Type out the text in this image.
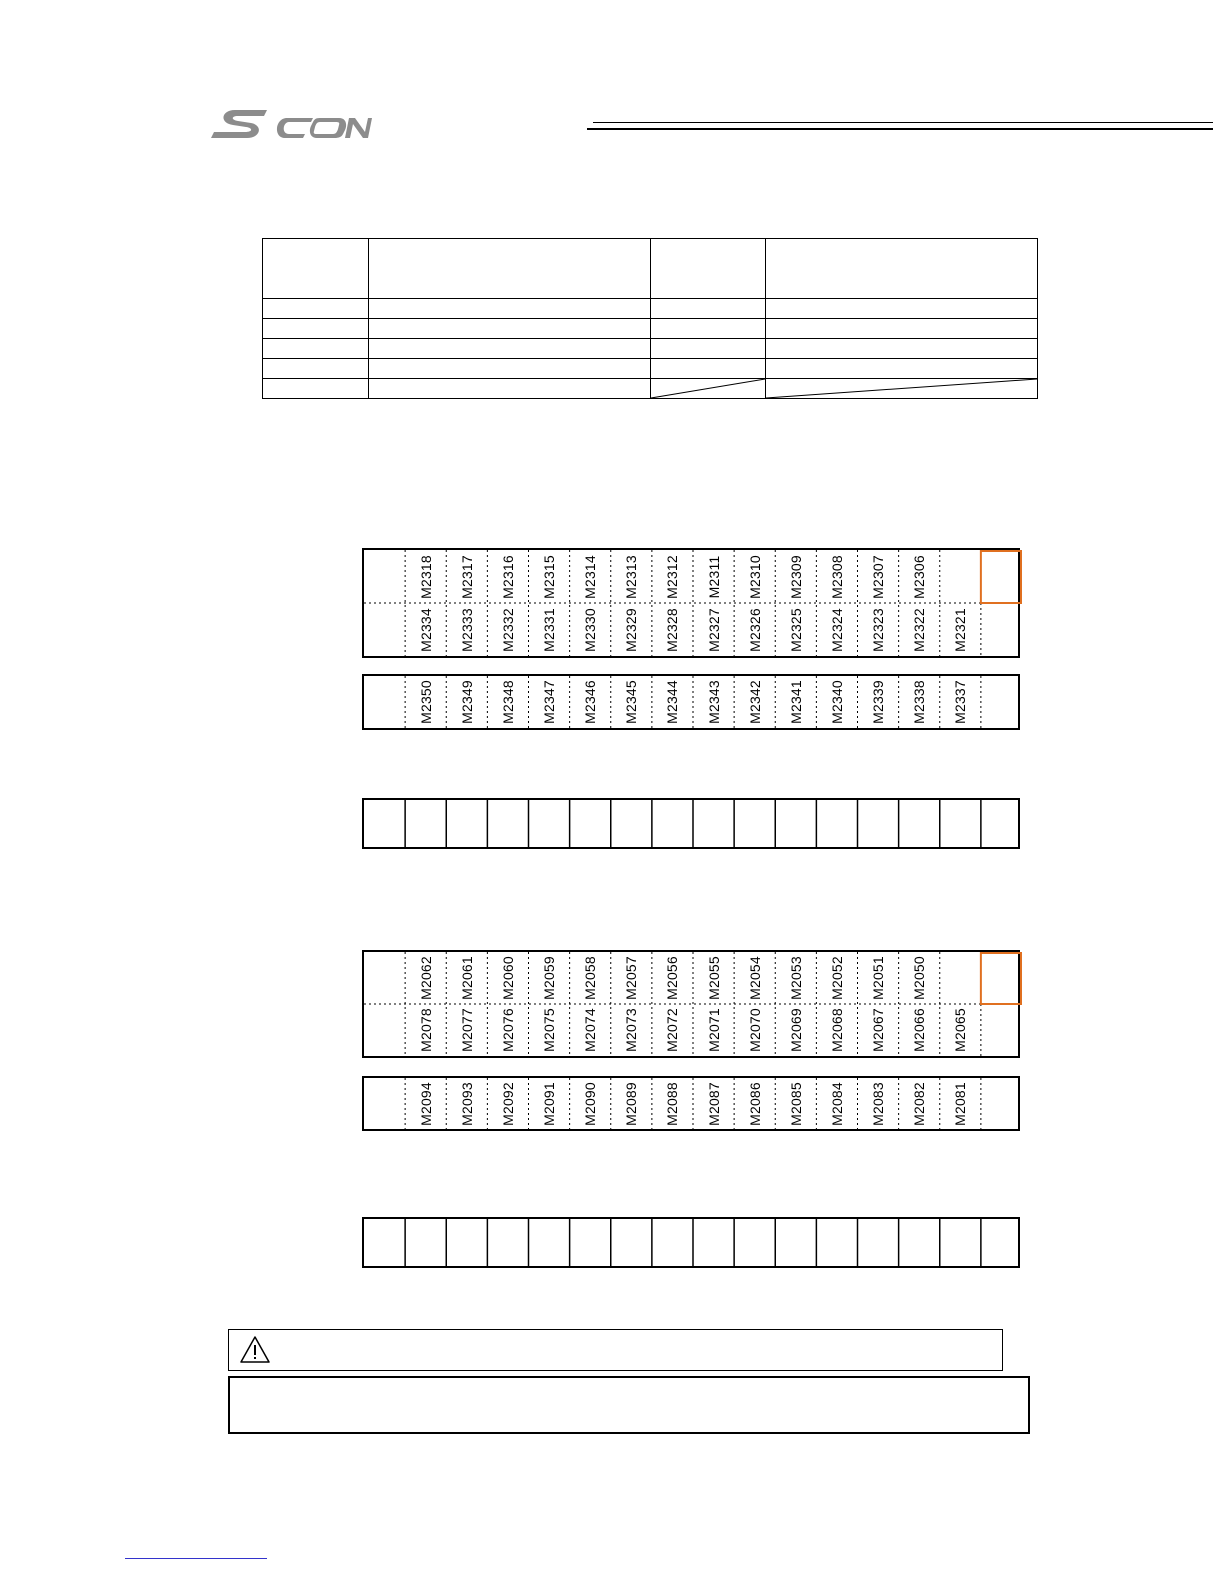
M2318 M2317 M2316 M2315 M2314 M2313 M2312 M2311 M2310 M2309 M2308 M2307 M2306
M2334 M2333 M2332 M2331 M2330 M2329 M2328 M2327 M2326 M2325 M2324 M2323 M2322 M2321
M2350 M2349 M2348 M2347 M2346 M2345 M2344 M2343 M2342 M2341 M2340 M2339 M2338 M2337
M2062 M2061 M2060 M2059 M2058 M2057 M2056 M2055 M2054 M2053 M2052 M2051 M2050
M2078 M2077 M2076 M2075 M2074 M2073 M2072 M2071 M2070 M2069 M2068 M2067 M2066 M2065
M2094 M2093 M2092 M2091 M2090 M2089 M2088 M2087 M2086 M2085 M2084 M2083 M2082 M2081
